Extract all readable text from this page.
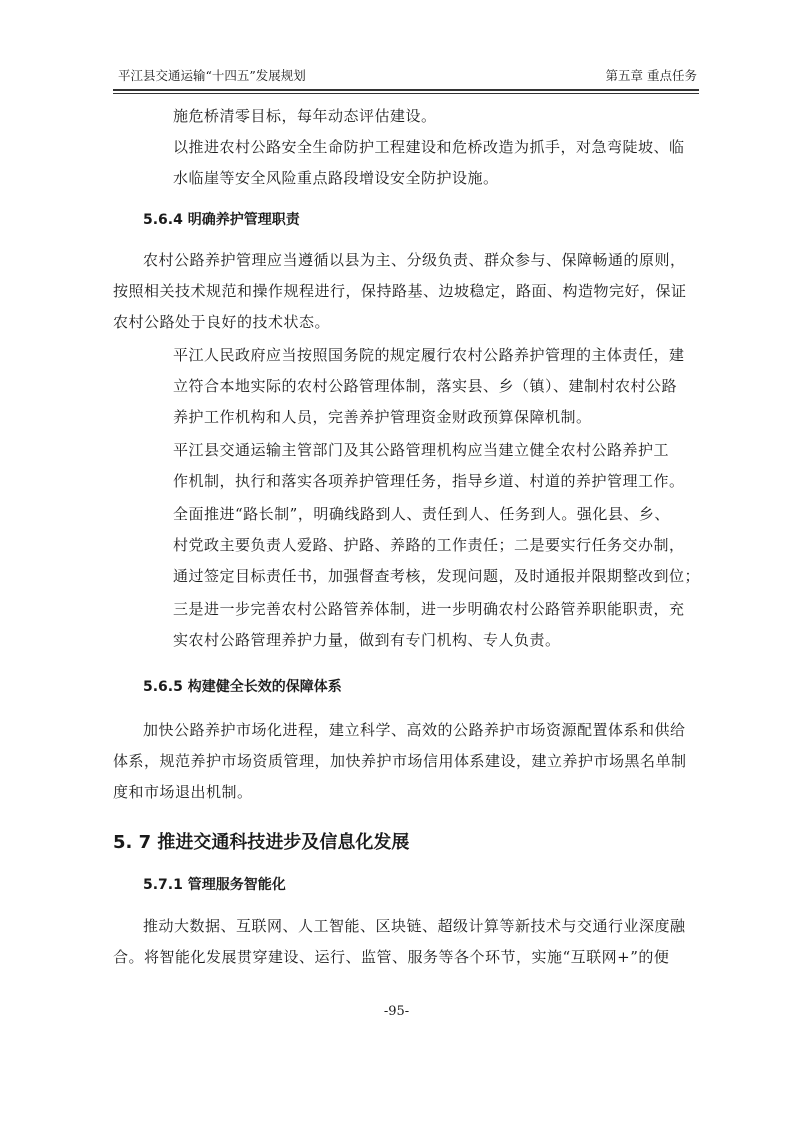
平江县交通运输“十四五”发展规划	第五章 重点任务
施危桥清零目标，每年动态评估建设。
以推进农村公路安全生命防护工程建设和危桥改造为抓手，对急弯陡坡、临
水临崖等安全风险重点路段增设安全防护设施。
5.6.4 明确养护管理职责
农村公路养护管理应当遵循以县为主、分级负责、群众参与、保障畅通的原则，
按照相关技术规范和操作规程进行，保持路基、边坡稳定，路面、构造物完好，保证
农村公路处于良好的技术状态。
平江人民政府应当按照国务院的规定履行农村公路养护管理的主体责任，建
立符合本地实际的农村公路管理体制，落实县、乡（镇）、建制村农村公路
养护工作机构和人员，完善养护管理资金财政预算保障机制。
平江县交通运输主管部门及其公路管理机构应当建立健全农村公路养护工
作机制，执行和落实各项养护管理任务，指导乡道、村道的养护管理工作。
全面推进“路长制”，明确线路到人、责任到人、任务到人。强化县、乡、
村党政主要负责人爱路、护路、养路的工作责任；二是要实行任务交办制，
通过签定目标责任书，加强督查考核，发现问题，及时通报并限期整改到位；
三是进一步完善农村公路管养体制，进一步明确农村公路管养职能职责，充
实农村公路管理养护力量，做到有专门机构、专人负责。
5.6.5 构建健全长效的保障体系
加快公路养护市场化进程，建立科学、高效的公路养护市场资源配置体系和供给
体系，规范养护市场资质管理，加快养护市场信用体系建设，建立养护市场黑名单制
度和市场退出机制。
5. 7 推进交通科技进步及信息化发展
5.7.1 管理服务智能化
推动大数据、互联网、人工智能、区块链、超级计算等新技术与交通行业深度融
合。将智能化发展贯穿建设、运行、监管、服务等各个环节，实施“互联网+”的便
-95-
